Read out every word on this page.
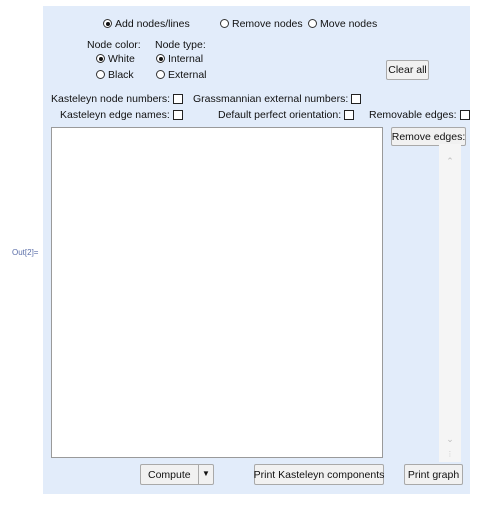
Out[2]=
Add nodes/lines	Remove nodes	Move nodes
Node color:
White
Black
Node type:
Internal
External	Clear all
Kasteleyn node numbers:	Grassmannian external numbers:
Kasteleyn edge names:	Default perfect orientation:	Removable edges:
Remove edges:
⌃
⌄
⋮
Compute ▼	Print Kasteleyn components	Print graph
